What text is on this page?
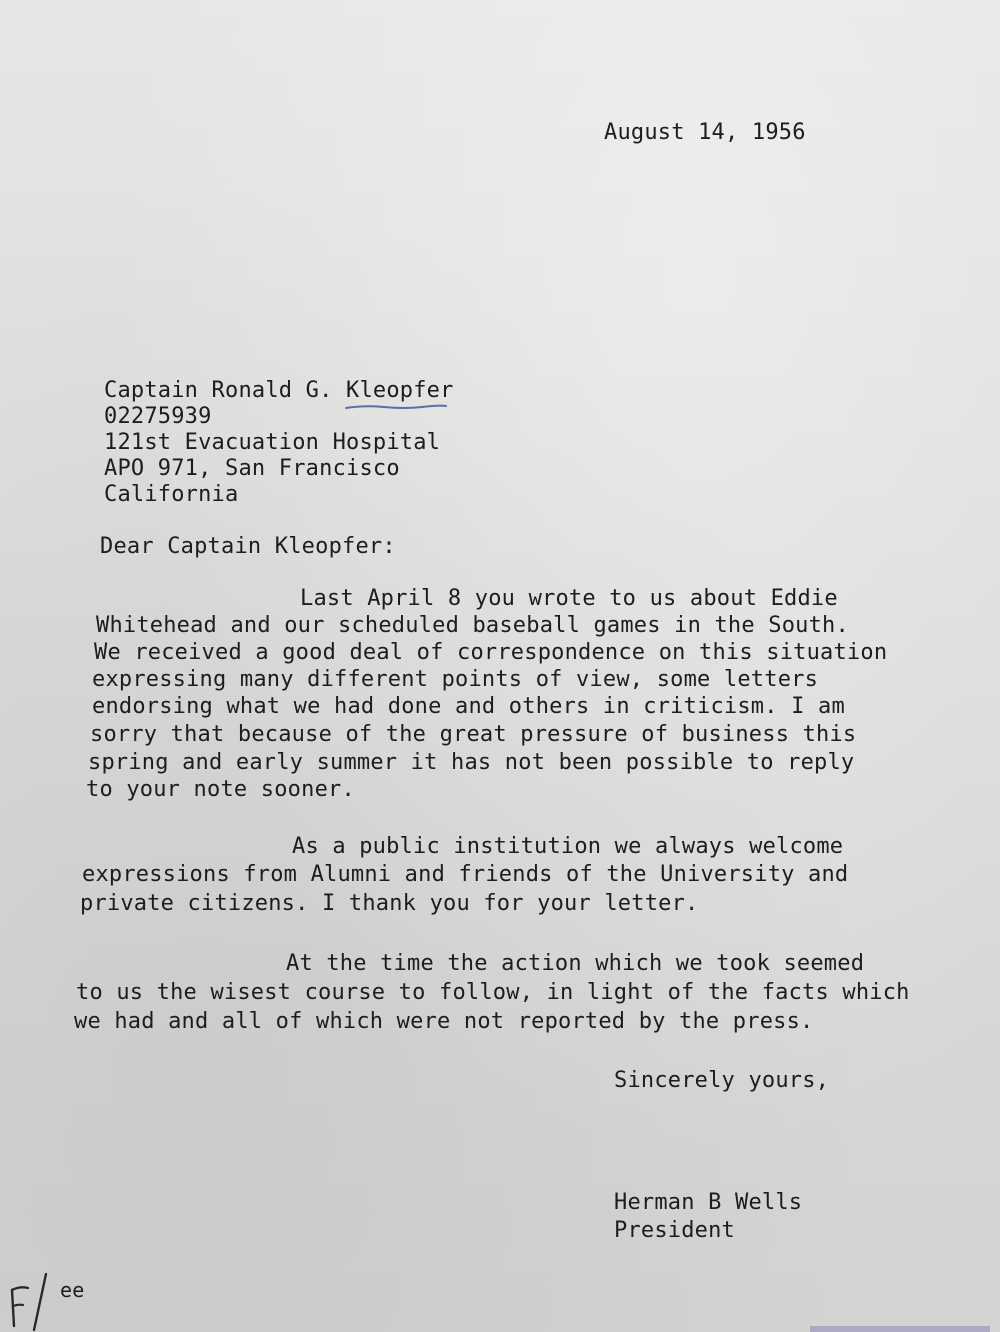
August 14, 1956
Captain Ronald G. Kleopfer
02275939
121st Evacuation Hospital
APO 971, San Francisco
California
Dear Captain Kleopfer:
Last April 8 you wrote to us about Eddie
Whitehead and our scheduled baseball games in the South.
We received a good deal of correspondence on this situation
expressing many different points of view, some letters
endorsing what we had done and others in criticism. I am
sorry that because of the great pressure of business this
spring and early summer it has not been possible to reply
to your note sooner.
As a public institution we always welcome
expressions from Alumni and friends of the University and
private citizens. I thank you for your letter.
At the time the action which we took seemed
to us the wisest course to follow, in light of the facts which
we had and all of which were not reported by the press.
Sincerely yours,
Herman B Wells
President
ee
